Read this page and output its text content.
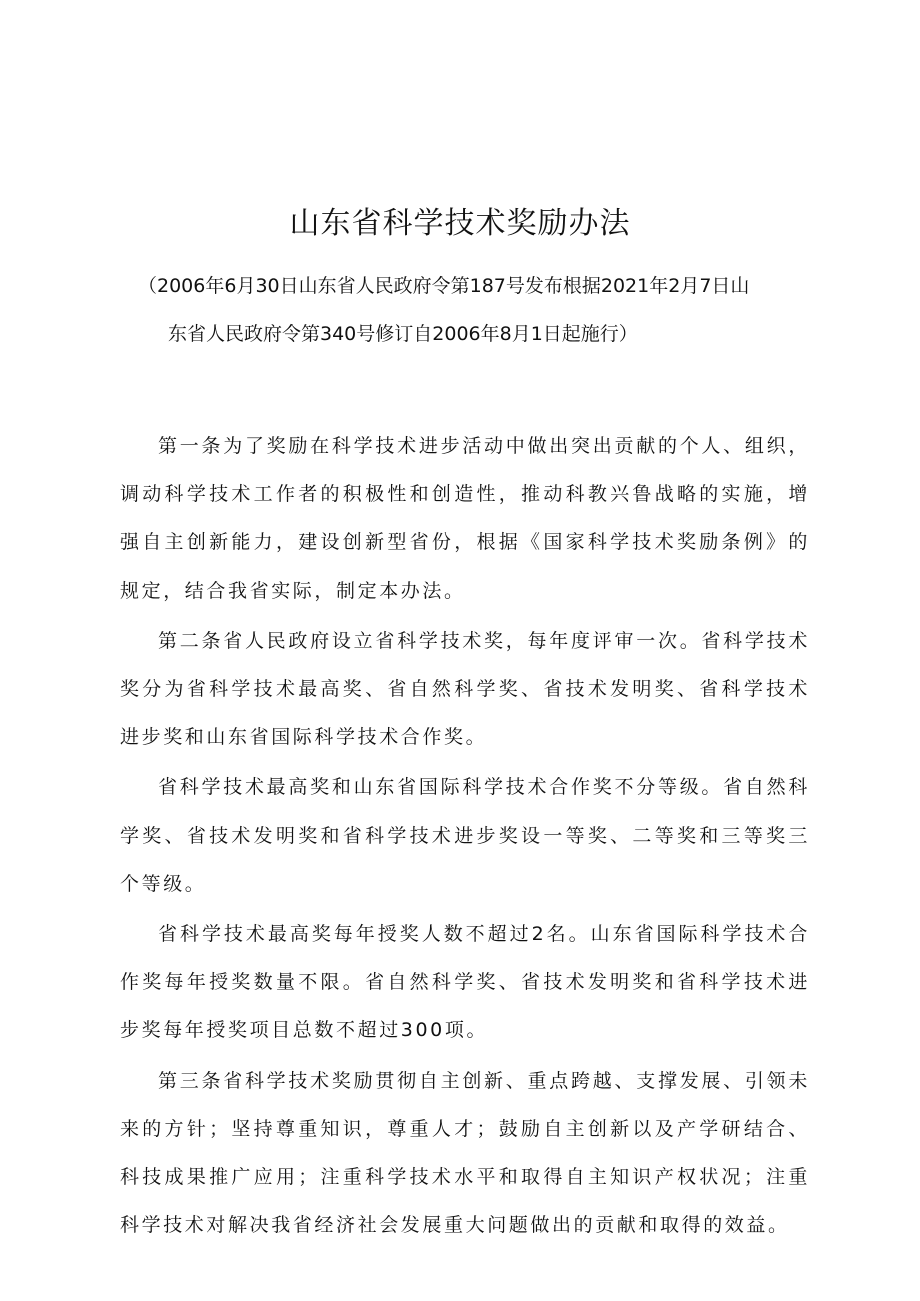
山东省科学技术奖励办法
（2006年6月30日山东省人民政府令第187号发布根据2021年2月7日山
东省人民政府令第340号修订自2006年8月1日起施行）

第一条为了奖励在科学技术进步活动中做出突出贡献的个人、组织，调动科学技术工作者的积极性和创造性，推动科教兴鲁战略的实施，增强自主创新能力，建设创新型省份，根据《国家科学技术奖励条例》的规定，结合我省实际，制定本办法。

第二条省人民政府设立省科学技术奖，每年度评审一次。省科学技术奖分为省科学技术最高奖、省自然科学奖、省技术发明奖、省科学技术进步奖和山东省国际科学技术合作奖。

省科学技术最高奖和山东省国际科学技术合作奖不分等级。省自然科学奖、省技术发明奖和省科学技术进步奖设一等奖、二等奖和三等奖三个等级。

省科学技术最高奖每年授奖人数不超过2名。山东省国际科学技术合作奖每年授奖数量不限。省自然科学奖、省技术发明奖和省科学技术进步奖每年授奖项目总数不超过300项。

第三条省科学技术奖励贯彻自主创新、重点跨越、支撑发展、引领未来的方针；坚持尊重知识，尊重人才；鼓励自主创新以及产学研结合、科技成果推广应用；注重科学技术水平和取得自主知识产权状况；注重科学技术对解决我省经济社会发展重大问题做出的贡献和取得的效益。
